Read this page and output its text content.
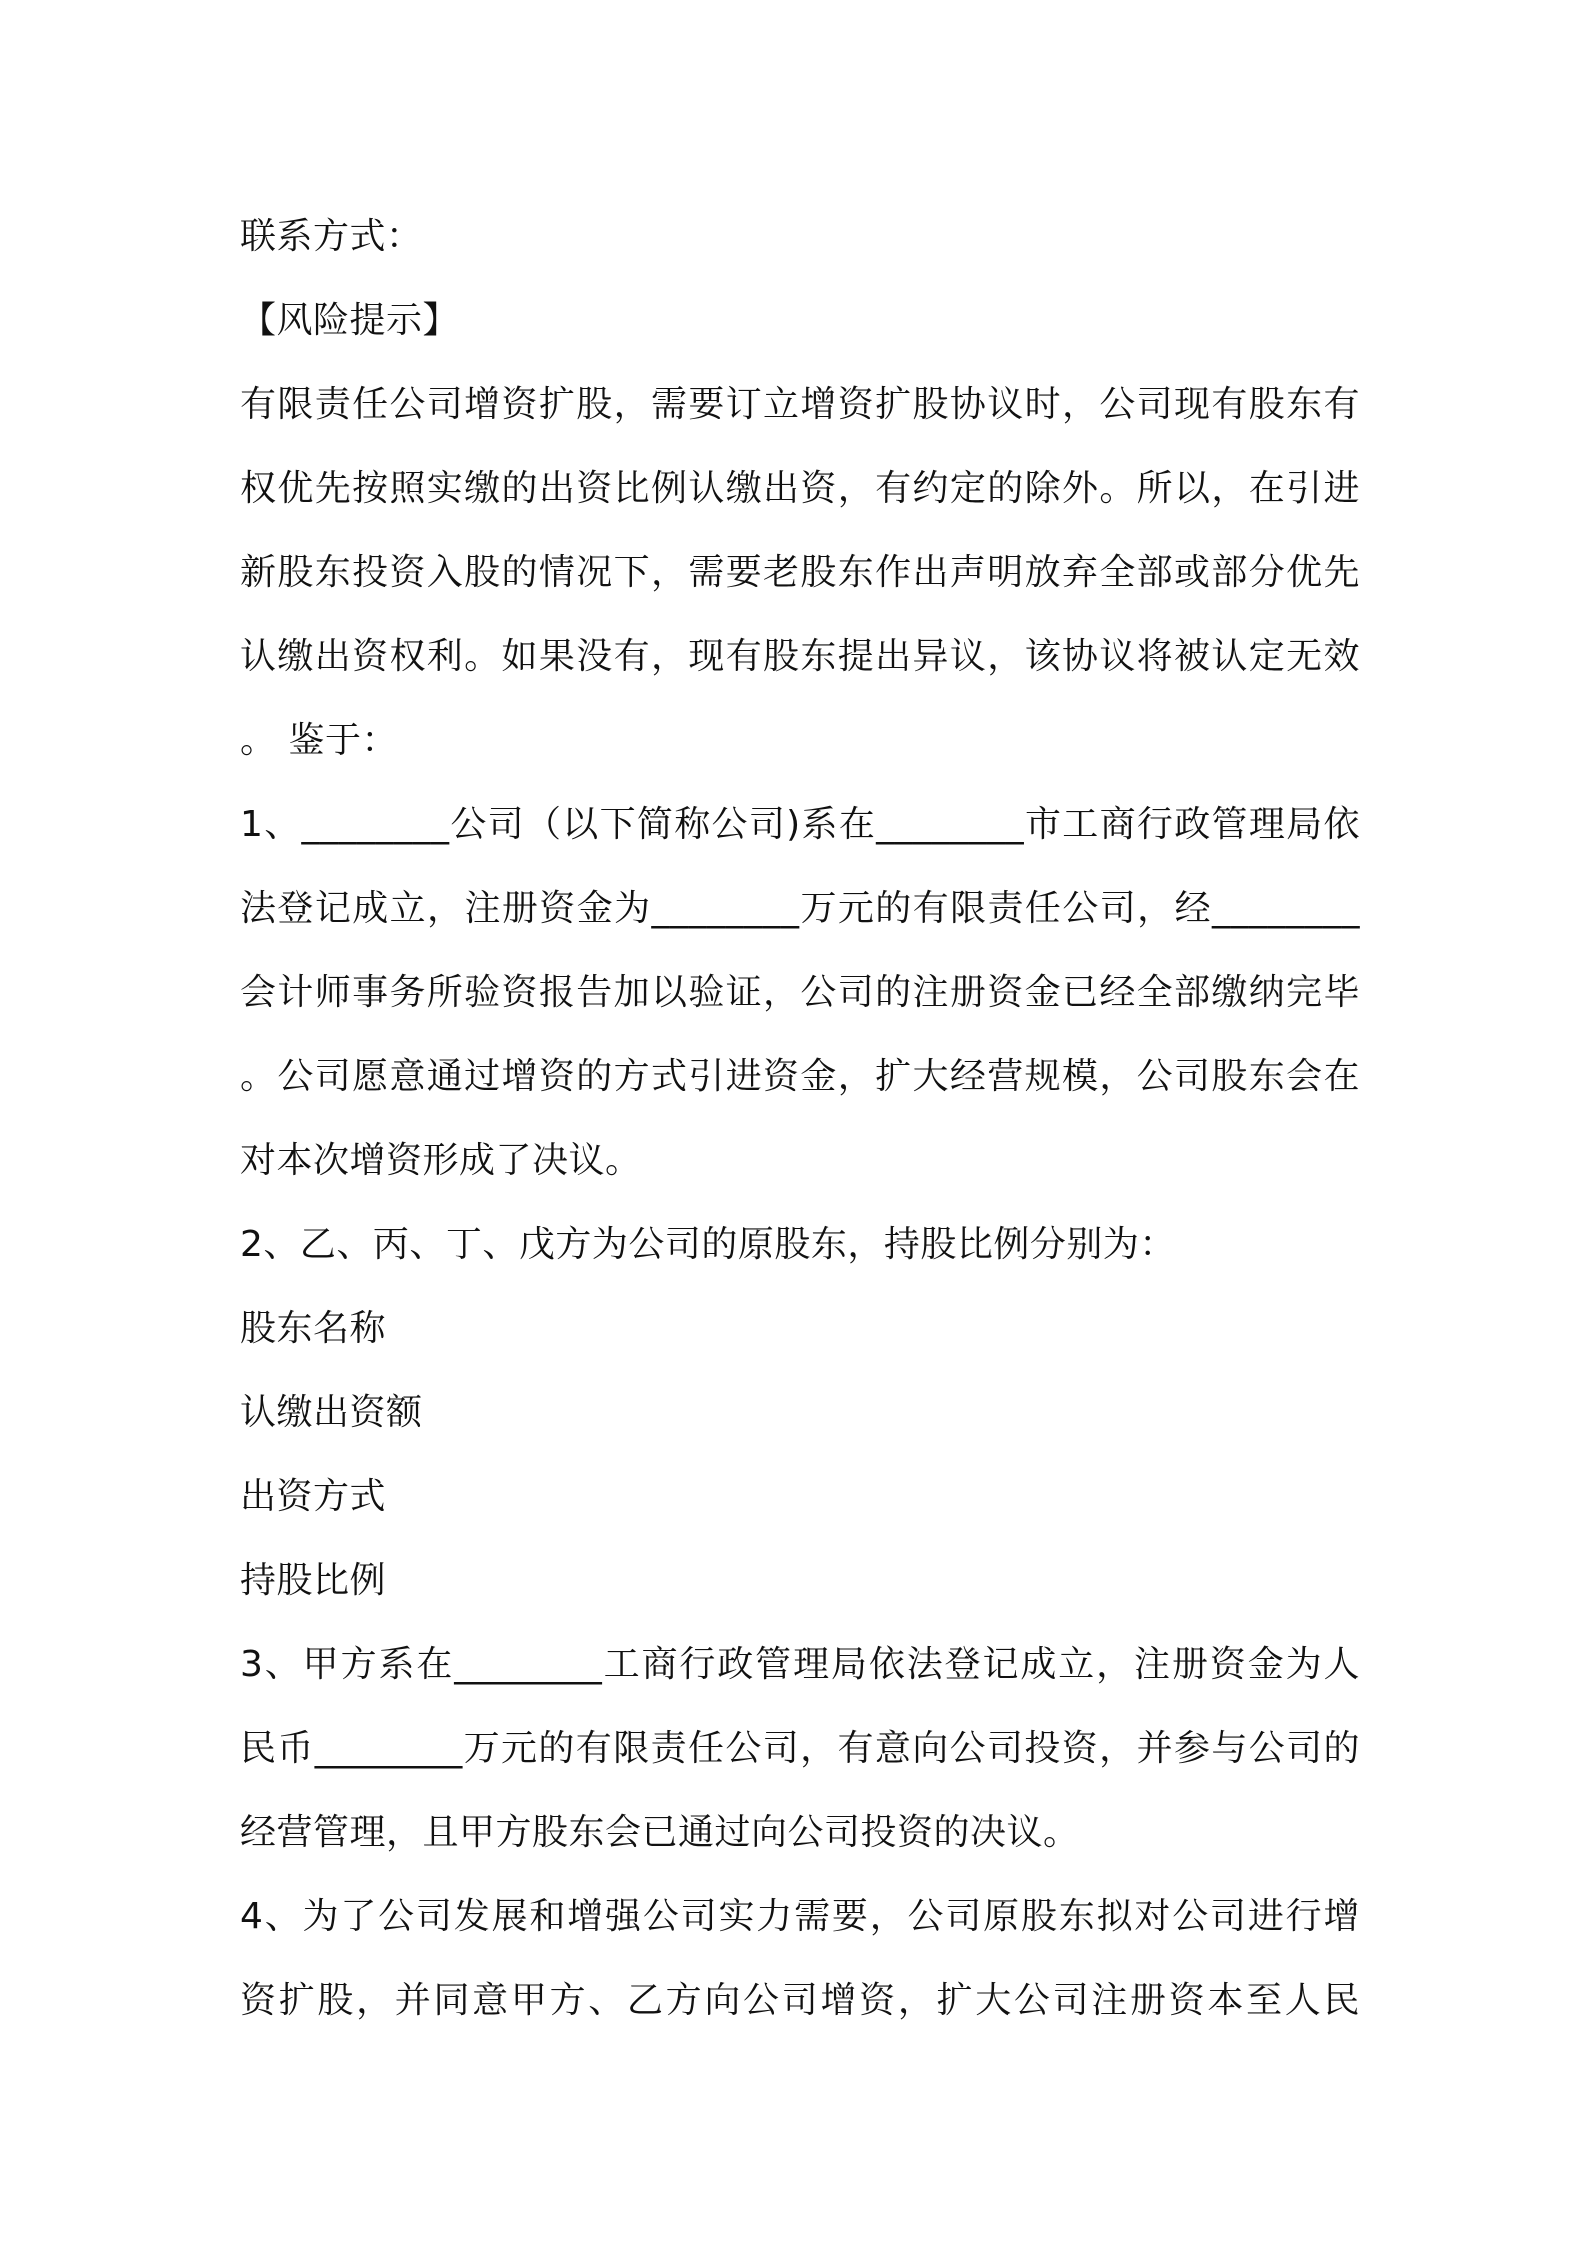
联系方式：
【风险提示】
有限责任公司增资扩股，需要订立增资扩股协议时，公司现有股东有
权优先按照实缴的出资比例认缴出资，有约定的除外。所以，在引进
新股东投资入股的情况下，需要老股东作出声明放弃全部或部分优先
认缴出资权利。如果没有，现有股东提出异议，该协议将被认定无效
。 鉴于：
1、________公司（以下简称公司)系在________市工商行政管理局依
法登记成立，注册资金为________万元的有限责任公司，经________
会计师事务所验资报告加以验证，公司的注册资金已经全部缴纳完毕
。公司愿意通过增资的方式引进资金，扩大经营规模，公司股东会在
对本次增资形成了决议。
2、乙、丙、丁、戊方为公司的原股东，持股比例分别为：
股东名称
认缴出资额
出资方式
持股比例
3、甲方系在________工商行政管理局依法登记成立，注册资金为人
民币________万元的有限责任公司，有意向公司投资，并参与公司的
经营管理，且甲方股东会已通过向公司投资的决议。
4、为了公司发展和增强公司实力需要，公司原股东拟对公司进行增
资扩股，并同意甲方、乙方向公司增资，扩大公司注册资本至人民
